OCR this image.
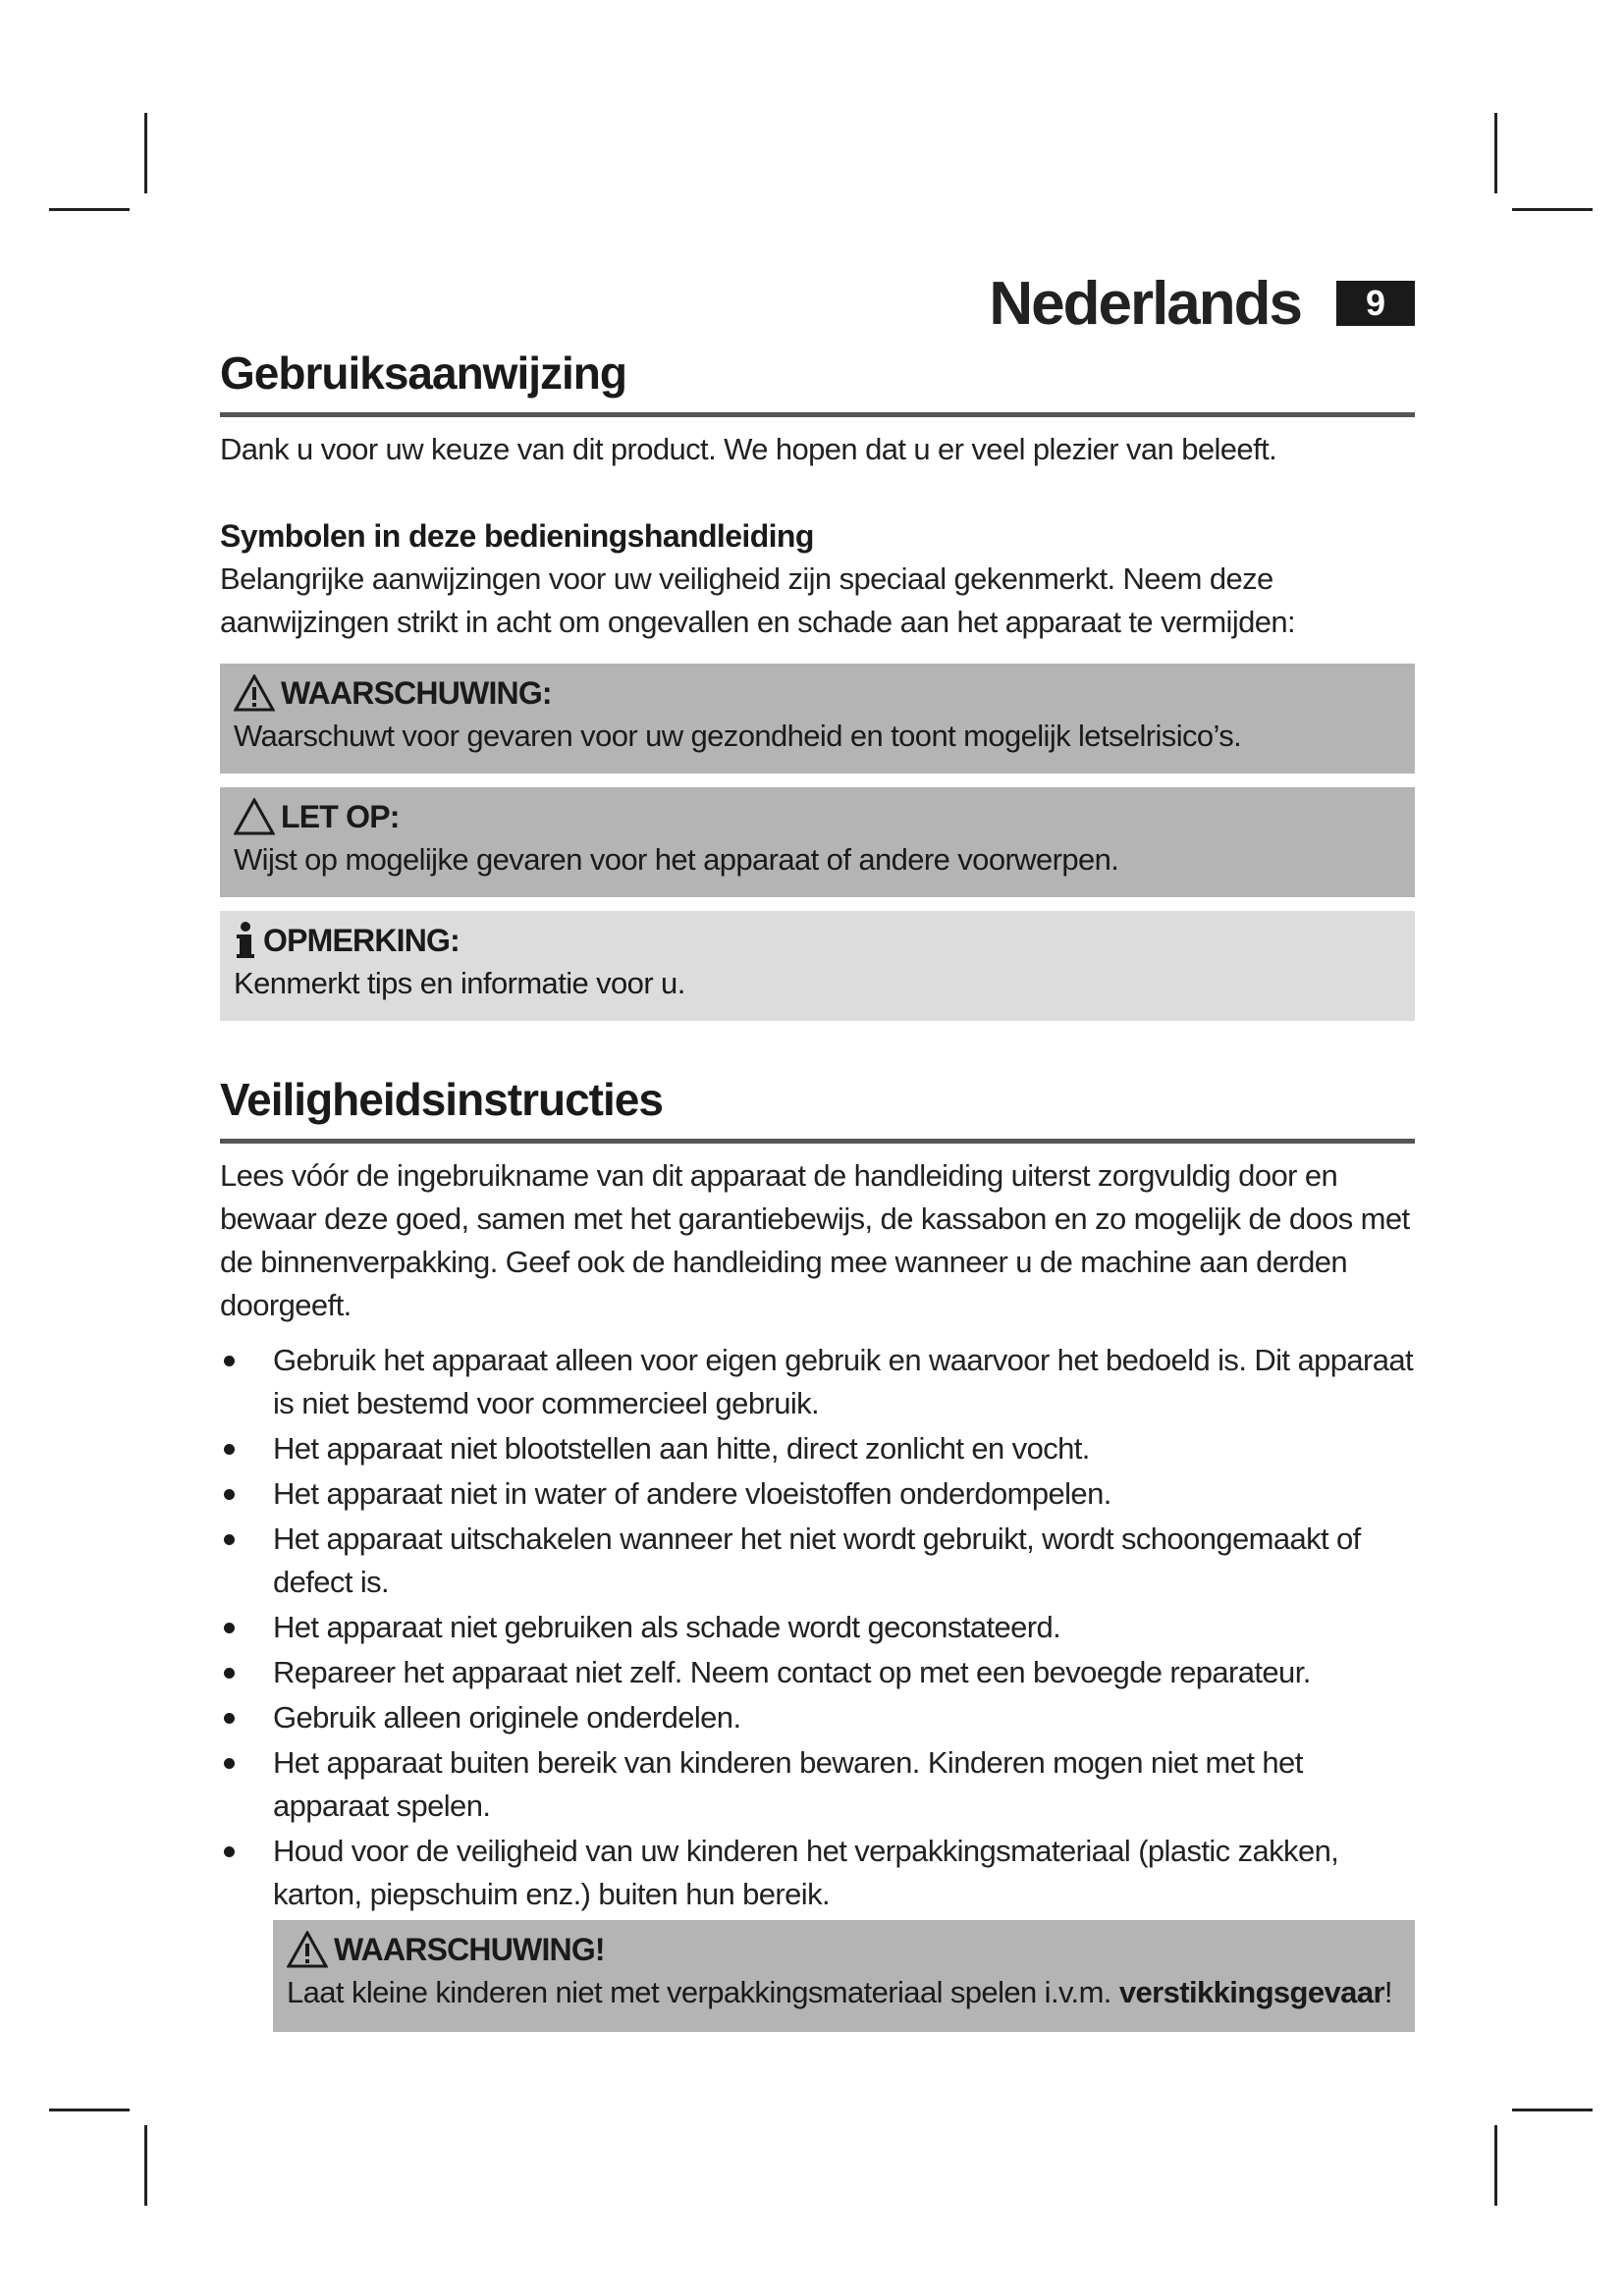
Nederlands	9
Gebruiksaanwijzing

Dank u voor uw keuze van dit product. We hopen dat u er veel plezier van beleeft.

Symbolen in deze bedieningshandleiding

Belangrijke aanwijzingen voor uw veiligheid zijn speciaal gekenmerkt. Neem deze aanwijzingen strikt in acht om ongevallen en schade aan het apparaat te vermijden:

WAARSCHUWING:
Waarschuwt voor gevaren voor uw gezondheid en toont mogelijk letselrisico’s.
LET OP:
Wijst op mogelijke gevaren voor het apparaat of andere voorwerpen.
OPMERKING:
Kenmerkt tips en informatie voor u.
Veiligheidsinstructies

Lees vóór de ingebruikname van dit apparaat de handleiding uiterst zorgvuldig door en bewaar deze goed, samen met het garantiebewijs, de kassabon en zo mogelijk de doos met de binnenverpakking. Geef ook de handleiding mee wanneer u de machine aan derden doorgeeft.

Gebruik het apparaat alleen voor eigen gebruik en waarvoor het bedoeld is. Dit apparaat is niet bestemd voor commercieel gebruik.
Het apparaat niet blootstellen aan hitte, direct zonlicht en vocht.
Het apparaat niet in water of andere vloeistoffen onderdompelen.
Het apparaat uitschakelen wanneer het niet wordt gebruikt, wordt schoongemaakt of defect is.
Het apparaat niet gebruiken als schade wordt geconstateerd.
Repareer het apparaat niet zelf. Neem contact op met een bevoegde reparateur.
Gebruik alleen originele onderdelen.
Het apparaat buiten bereik van kinderen bewaren. Kinderen mogen niet met het apparaat spelen.
Houd voor de veiligheid van uw kinderen het verpakkingsmateriaal (plastic zakken, karton, piepschuim enz.) buiten hun bereik.
WAARSCHUWING!
Laat kleine kinderen niet met verpakkingsmateriaal spelen i.v.m. verstikkingsgevaar!
